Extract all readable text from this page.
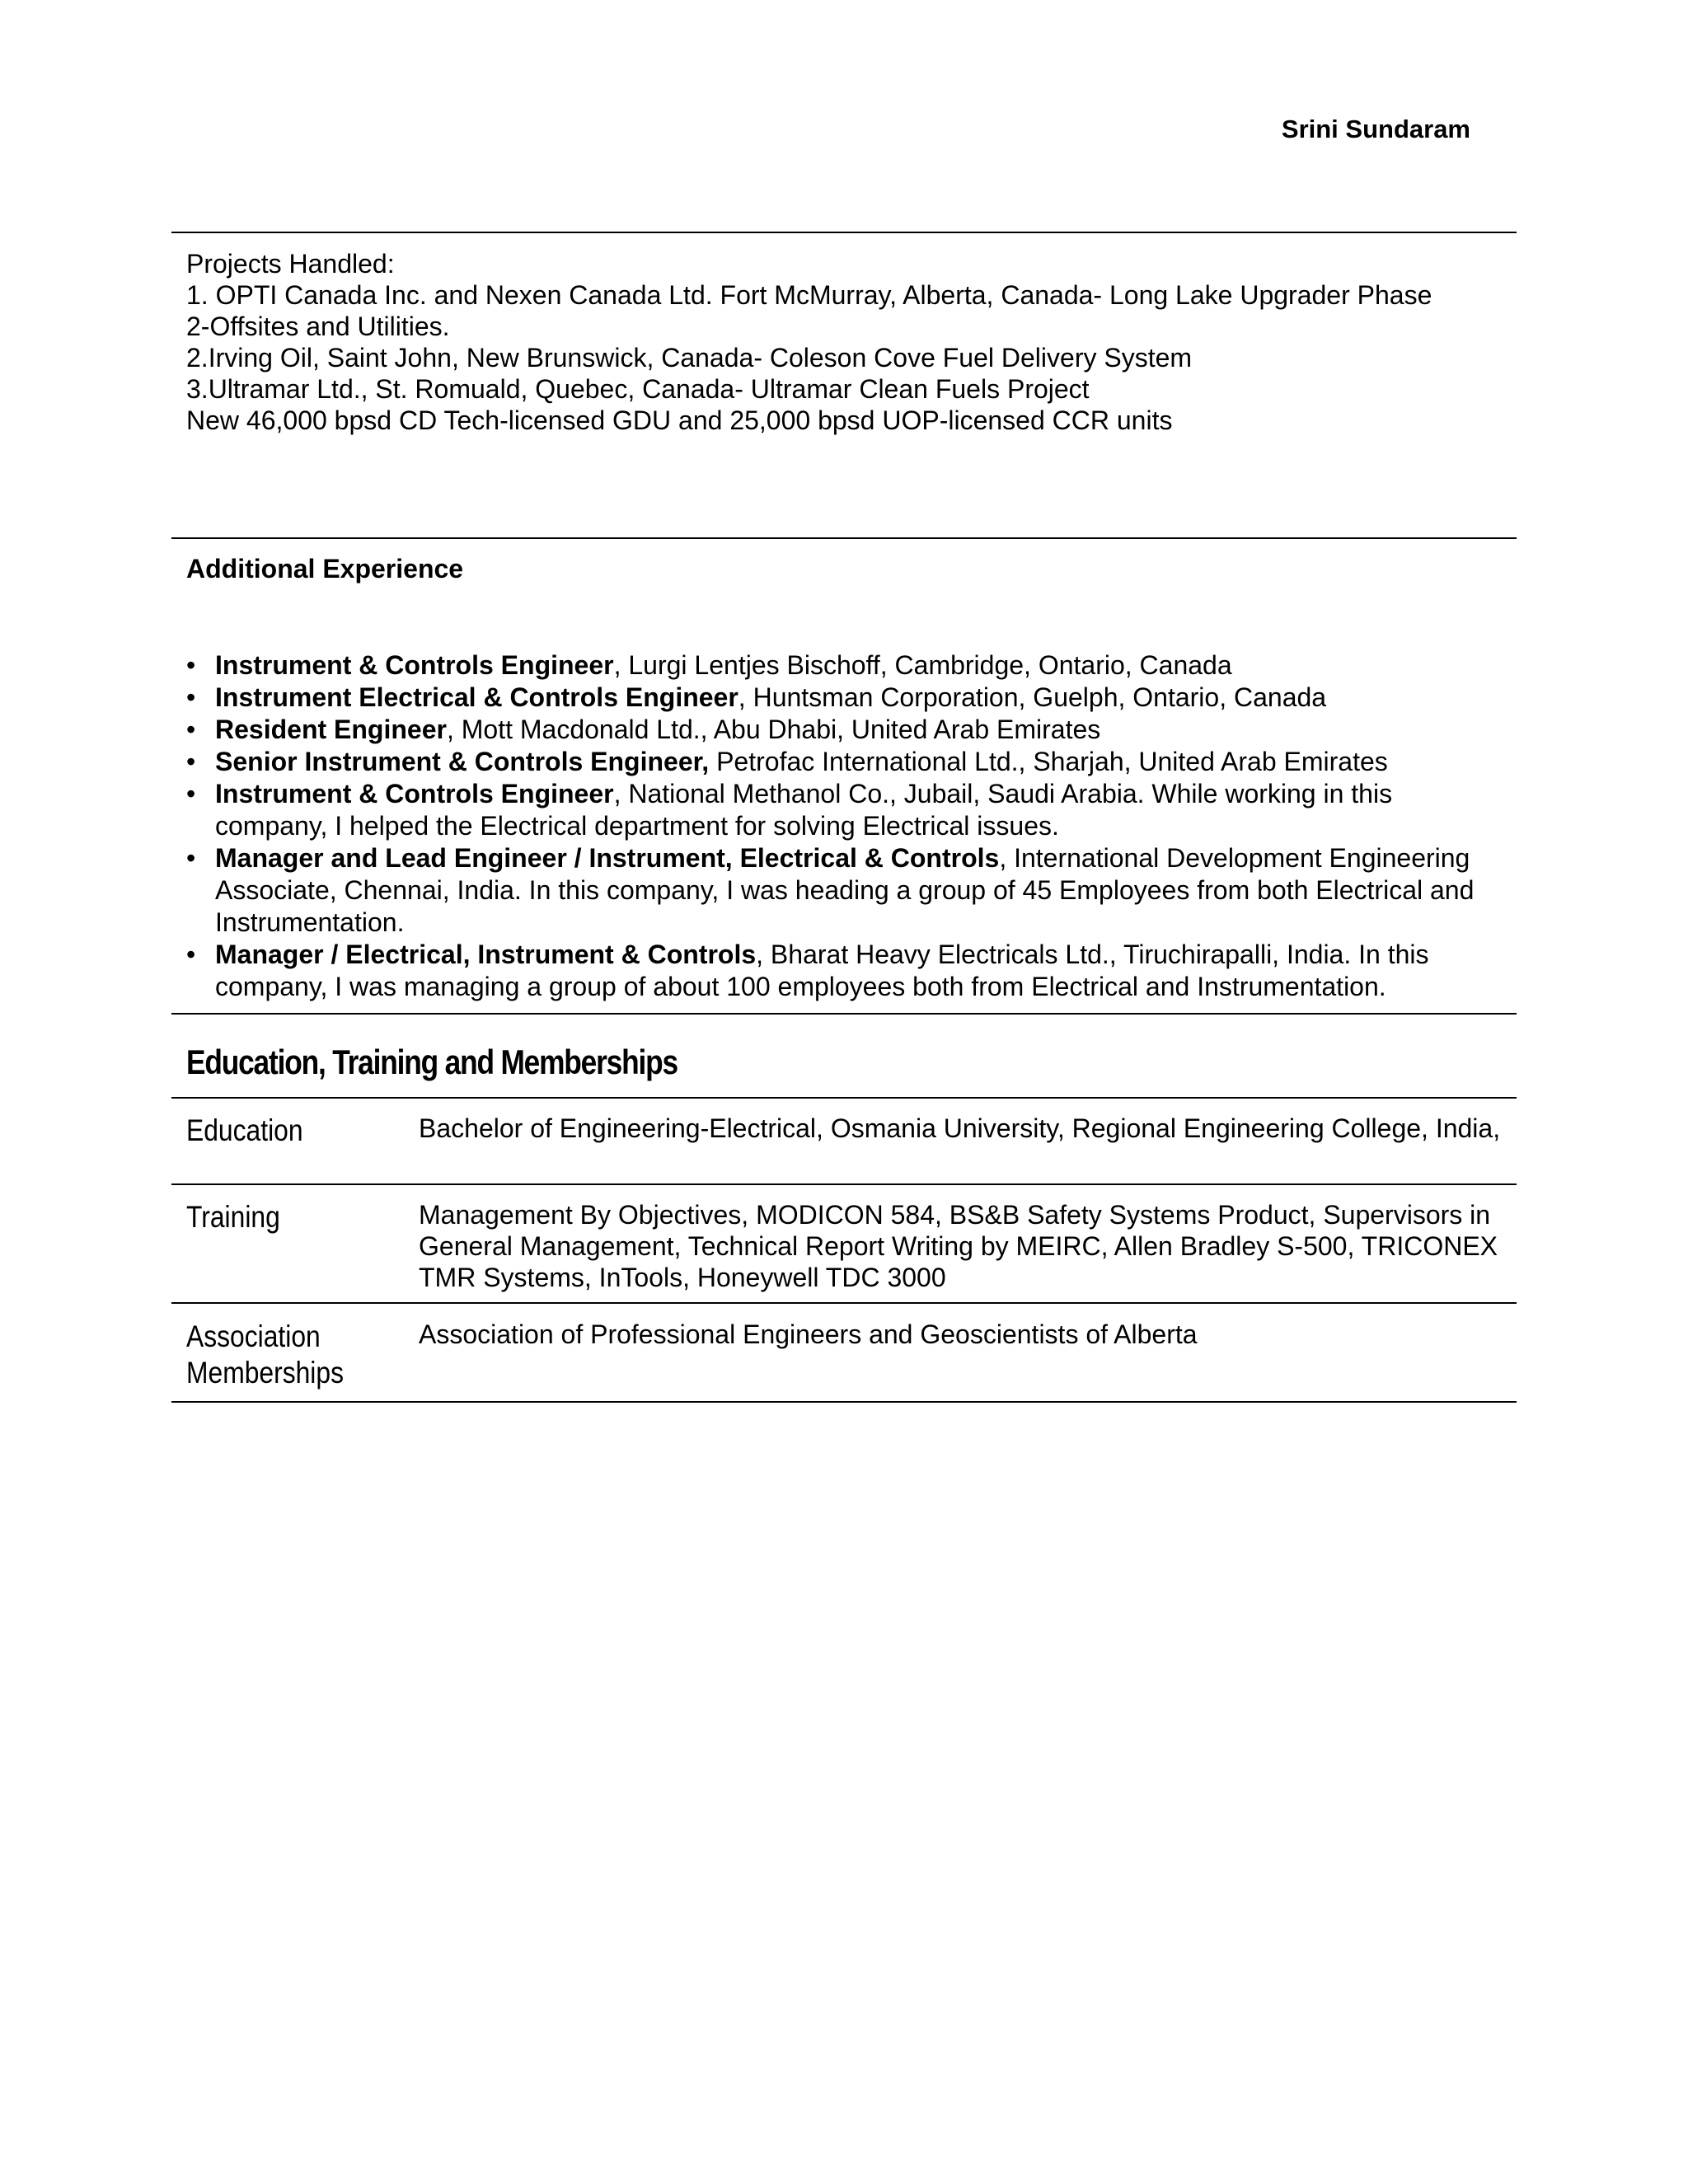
Srini Sundaram
Projects Handled:
1. OPTI Canada Inc. and Nexen Canada Ltd. Fort McMurray, Alberta, Canada- Long Lake Upgrader Phase
2-Offsites and Utilities.
2.Irving Oil, Saint John, New Brunswick, Canada- Coleson Cove Fuel Delivery System
3.Ultramar Ltd., St. Romuald, Quebec, Canada- Ultramar Clean Fuels Project
New 46,000 bpsd CD Tech-licensed GDU and 25,000 bpsd UOP-licensed CCR units
Additional Experience
• Instrument & Controls Engineer, Lurgi Lentjes Bischoff, Cambridge, Ontario, Canada
• Instrument Electrical & Controls Engineer, Huntsman Corporation, Guelph, Ontario, Canada
• Resident Engineer, Mott Macdonald Ltd., Abu Dhabi, United Arab Emirates
• Senior Instrument & Controls Engineer, Petrofac International Ltd., Sharjah, United Arab Emirates
• Instrument & Controls Engineer, National Methanol Co., Jubail, Saudi Arabia. While working in this company, I helped the Electrical department for solving Electrical issues.
• Manager and Lead Engineer / Instrument, Electrical & Controls, International Development Engineering Associate, Chennai, India. In this company, I was heading a group of 45 Employees from both Electrical and Instrumentation.
• Manager / Electrical, Instrument & Controls, Bharat Heavy Electricals Ltd., Tiruchirapalli, India. In this company, I was managing a group of about 100 employees both from Electrical and Instrumentation.
Education, Training and Memberships
Education	Bachelor of Engineering-Electrical, Osmania University, Regional Engineering College, India,
Training	Management By Objectives, MODICON 584, BS&B Safety Systems Product, Supervisors in General Management, Technical Report Writing by MEIRC, Allen Bradley S-500, TRICONEX TMR Systems, InTools, Honeywell TDC 3000
Association
Memberships
Association of Professional Engineers and Geoscientists of Alberta
